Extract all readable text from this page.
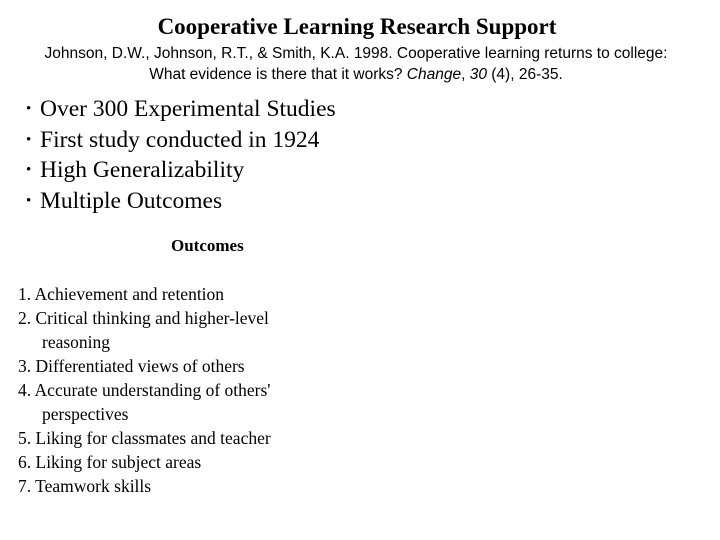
Cooperative Learning Research Support
Johnson, D.W., Johnson, R.T., & Smith, K.A. 1998. Cooperative learning returns to college: What evidence is there that it works? Change, 30 (4), 26-35.
• Over 300 Experimental Studies
• First study conducted in 1924
• High Generalizability
• Multiple Outcomes
Outcomes
1. Achievement and retention
2. Critical thinking and higher-level
reasoning
3. Differentiated views of others
4. Accurate understanding of others'
perspectives
5. Liking for classmates and teacher
6. Liking for subject areas
7. Teamwork skills
